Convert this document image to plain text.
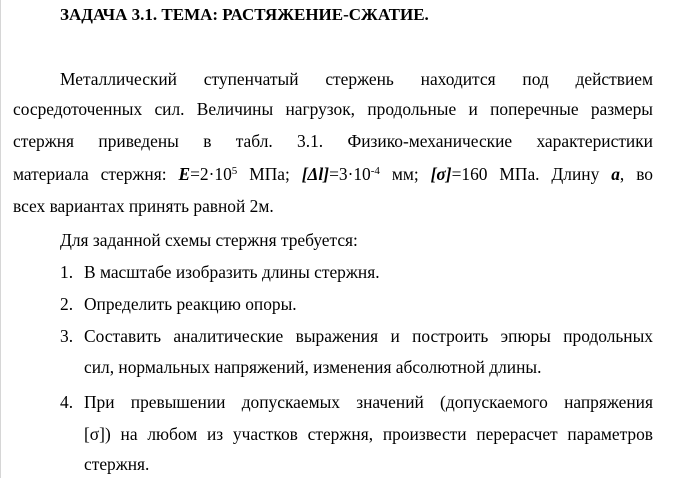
ЗАДАЧА 3.1. ТЕМА: РАСТЯЖЕНИЕ-СЖАТИЕ.
Металлический ступенчатый стержень находится под действием
сосредоточенных сил. Величины нагрузок, продольные и поперечные размеры
стержня приведены в табл. 3.1. Физико-механические характеристики
материала стержня: $E=2\cdot 10^5$ МПа; $[\Delta l]=3\cdot 10^{-4}$ мм; [σ]=160 МПа. Длину a, во
всех вариантах принять равной 2м.
Для заданной схемы стержня требуется:
1. В масштабе изобразить длины стержня.
2. Определить реакцию опоры.
3. Составить аналитические выражения и построить эпюры продольных
сил, нормальных напряжений, изменения абсолютной длины.
4. При превышении допускаемых значений (допускаемого напряжения
[σ]) на любом из участков стержня, произвести перерасчет параметров
стержня.
